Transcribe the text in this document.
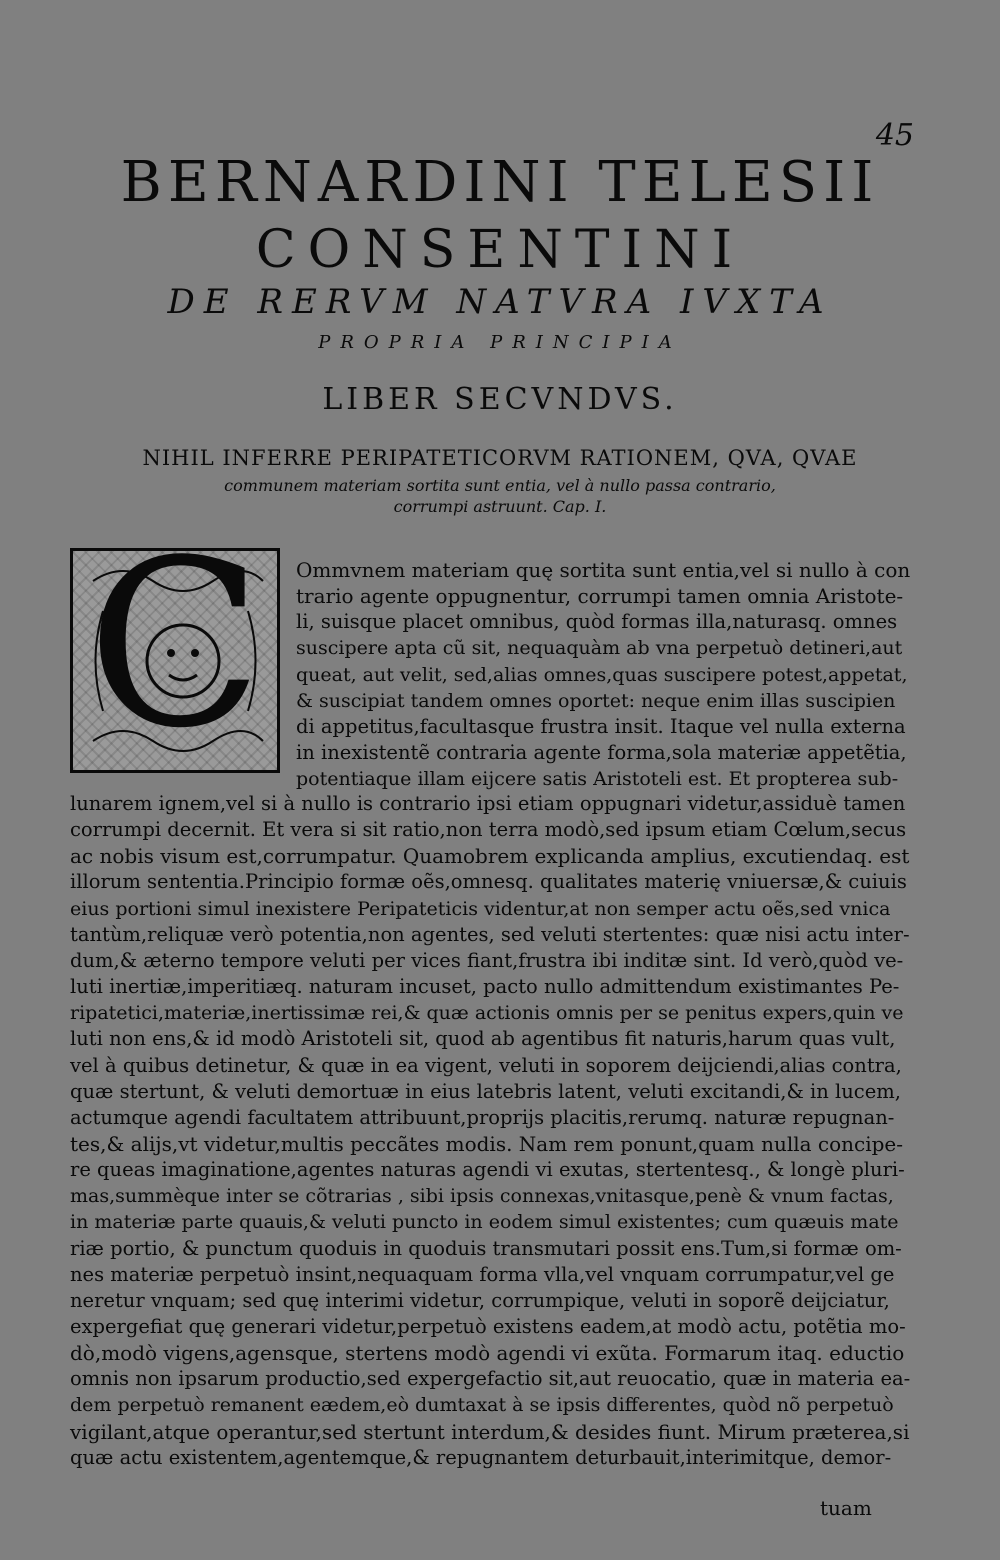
45
BERNARDINI TELESII
CONSENTINI
DE RERVM NATVRA IVXTA
PROPRIA PRINCIPIA
LIBER SECVNDVS.
NIHIL INFERRE PERIPATETICORVM RATIONEM, QVA, QVAE
communem materiam sortita sunt entia, vel à nullo passa contrario,
corrumpi astruunt. Cap. I.
C Ommvnem materiam quę sortita sunt entia,vel si nullo à con
trario agente oppugnentur, corrumpi tamen omnia Aristote-
li, suisque placet omnibus, quòd formas illa,naturasq. omnes
suscipere apta cũ sit, nequaquàm ab vna perpetuò detineri,aut
queat, aut velit, sed,alias omnes,quas suscipere potest,appetat,
& suscipiat tandem omnes oportet: neque enim illas suscipien
di appetitus,facultasque frustra insit. Itaque vel nulla externa
in inexistentẽ contraria agente forma,sola materiæ appetẽtia,
potentiaque illam eijcere satis Aristoteli est. Et propterea sub-
lunarem ignem,vel si à nullo is contrario ipsi etiam oppugnari videtur,assiduè tamen
corrumpi decernit. Et vera si sit ratio,non terra modò,sed ipsum etiam Cœlum,secus
ac nobis visum est,corrumpatur. Quamobrem explicanda amplius, excutiendaq. est
illorum sententia.Principio formæ oẽs,omnesq. qualitates materię vniuersæ,& cuiuis
eius portioni simul inexistere Peripateticis videntur,at non semper actu oẽs,sed vnica
tantùm,reliquæ verò potentia,non agentes, sed veluti stertentes: quæ nisi actu inter-
dum,& æterno tempore veluti per vices fiant,frustra ibi inditæ sint. Id verò,quòd ve-
luti inertiæ,imperitiæq. naturam incuset, pacto nullo admittendum existimantes Pe-
ripatetici,materiæ,inertissimæ rei,& quæ actionis omnis per se penitus expers,quin ve
luti non ens,& id modò Aristoteli sit, quod ab agentibus fit naturis,harum quas vult,
vel à quibus detinetur, & quæ in ea vigent, veluti in soporem deijciendi,alias contra,
quæ stertunt, & veluti demortuæ in eius latebris latent, veluti excitandi,& in lucem,
actumque agendi facultatem attribuunt,proprijs placitis,rerumq. naturæ repugnan-
tes,& alijs,vt videtur,multis peccãtes modis. Nam rem ponunt,quam nulla concipe-
re queas imaginatione,agentes naturas agendi vi exutas, stertentesq., & longè pluri-
mas,summèque inter se cõtrarias , sibi ipsis connexas,vnitasque,penè & vnum factas,
in materiæ parte quauis,& veluti puncto in eodem simul existentes; cum quæuis mate
riæ portio, & punctum quoduis in quoduis transmutari possit ens.Tum,si formæ om-
nes materiæ perpetuò insint,nequaquam forma vlla,vel vnquam corrumpatur,vel ge
neretur vnquam; sed quę interimi videtur, corrumpique, veluti in soporẽ deijciatur,
expergefiat quę generari videtur,perpetuò existens eadem,at modò actu, potẽtia mo-
dò,modò vigens,agensque, stertens modò agendi vi exũta. Formarum itaq. eductio
omnis non ipsarum productio,sed expergefactio sit,aut reuocatio, quæ in materia ea-
dem perpetuò remanent eædem,eò dumtaxat à se ipsis differentes, quòd nõ perpetuò
vigilant,atque operantur,sed stertunt interdum,& desides fiunt. Mirum præterea,si
quæ actu existentem,agentemque,& repugnantem deturbauit,interimitque, demor-
tuam
